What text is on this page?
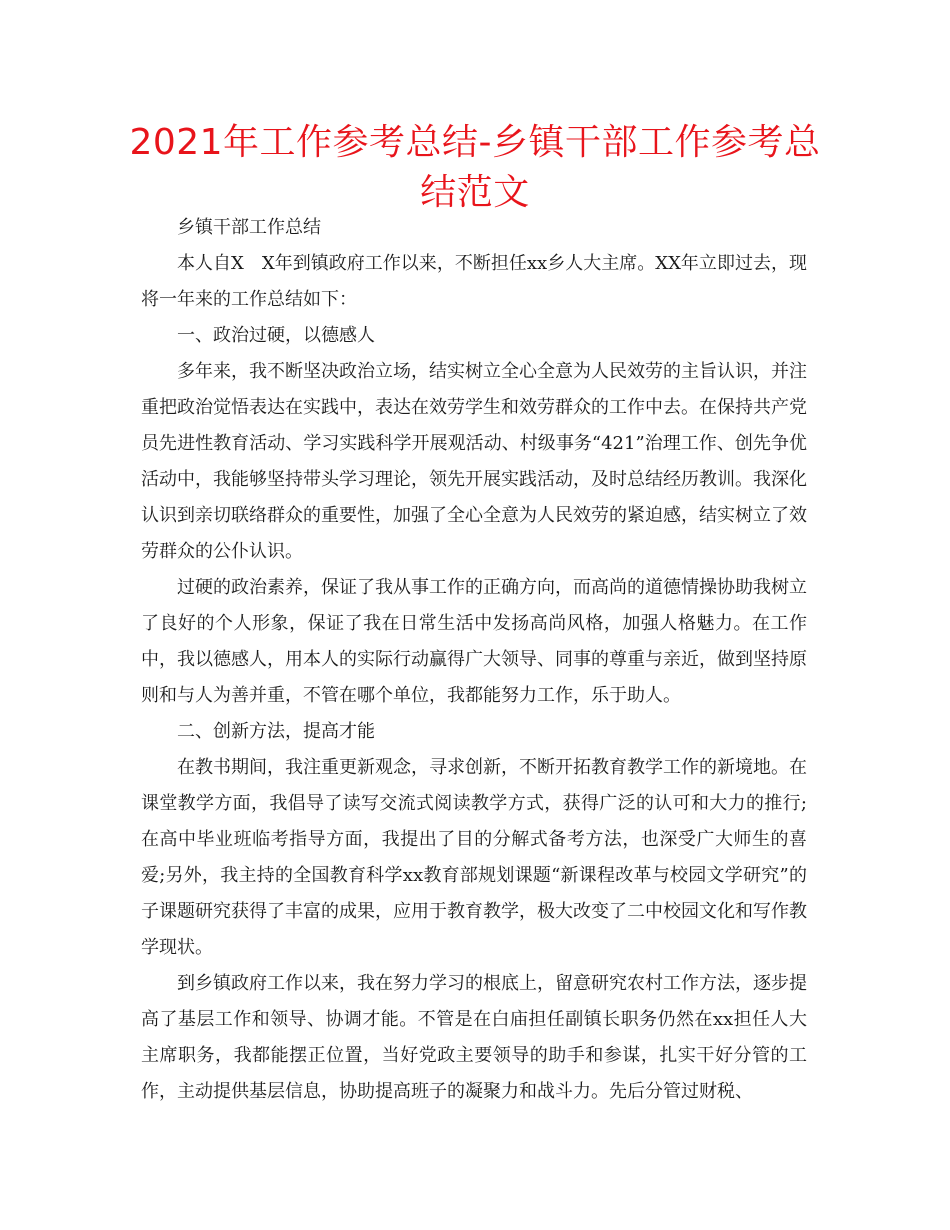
2021年工作参考总结-乡镇干部工作参考总结范文

乡镇干部工作总结

本人自X　X年到镇政府工作以来，不断担任xx乡人大主席。XX年立即过去，现将一年来的工作总结如下：

一、政治过硬，以德感人

多年来，我不断坚决政治立场，结实树立全心全意为人民效劳的主旨认识，并注重把政治觉悟表达在实践中，表达在效劳学生和效劳群众的工作中去。在保持共产党员先进性教育活动、学习实践科学开展观活动、村级事务“421”治理工作、创先争优活动中，我能够坚持带头学习理论，领先开展实践活动，及时总结经历教训。我深化认识到亲切联络群众的重要性，加强了全心全意为人民效劳的紧迫感，结实树立了效劳群众的公仆认识。

过硬的政治素养，保证了我从事工作的正确方向，而高尚的道德情操协助我树立了良好的个人形象，保证了我在日常生活中发扬高尚风格，加强人格魅力。在工作中，我以德感人，用本人的实际行动赢得广大领导、同事的尊重与亲近，做到坚持原则和与人为善并重，不管在哪个单位，我都能努力工作，乐于助人。

二、创新方法，提高才能

在教书期间，我注重更新观念，寻求创新，不断开拓教育教学工作的新境地。在课堂教学方面，我倡导了读写交流式阅读教学方式，获得广泛的认可和大力的推行;在高中毕业班临考指导方面，我提出了目的分解式备考方法，也深受广大师生的喜爱;另外，我主持的全国教育科学xx教育部规划课题“新课程改革与校园文学研究”的子课题研究获得了丰富的成果，应用于教育教学，极大改变了二中校园文化和写作教学现状。

到乡镇政府工作以来，我在努力学习的根底上，留意研究农村工作方法，逐步提高了基层工作和领导、协调才能。不管是在白庙担任副镇长职务仍然在xx担任人大主席职务，我都能摆正位置，当好党政主要领导的助手和参谋，扎实干好分管的工作，主动提供基层信息，协助提高班子的凝聚力和战斗力。先后分管过财税、
